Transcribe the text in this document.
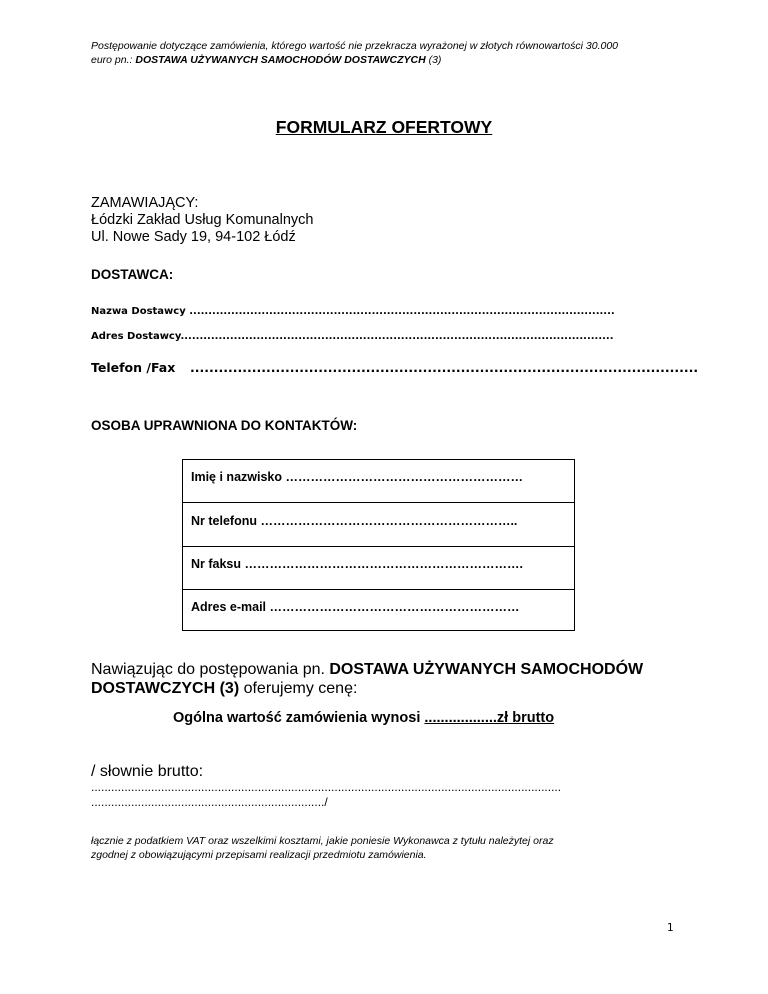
Postępowanie dotyczące zamówienia, którego wartość nie przekracza wyrażonej w złotych równowartości 30.000
euro pn.: DOSTAWA UŻYWANYCH SAMOCHODÓW DOSTAWCZYCH (3)
FORMULARZ OFERTOWY
ZAMAWIAJĄCY:
Łódzki Zakład Usług Komunalnych
Ul. Nowe Sady 19, 94-102 Łódź
DOSTAWCA:
Nazwa Dostawcy ................................................................................................................
Adres Dostawcy..................................................................................................................
Telefon /Fax ...........................................................................................................
OSOBA UPRAWNIONA DO KONTAKTÓW:
Imię i nazwisko …………………………………………………
Nr telefonu ……………………………………………………..
Nr faksu ………………………………………………………….
Adres e-mail ……………………………………………………
Nawiązując do postępowania pn. DOSTAWA UŻYWANYCH SAMOCHODÓW
DOSTAWCZYCH (3) oferujemy cenę:
Ogólna wartość zamówienia wynosi ..................zł brutto
/ słownie brutto:
.............................................................................................................................................
....................................................................../
łącznie z podatkiem VAT oraz wszelkimi kosztami, jakie poniesie Wykonawca z tytułu należytej oraz
zgodnej z obowiązującymi przepisami realizacji przedmiotu zamówienia.
1
